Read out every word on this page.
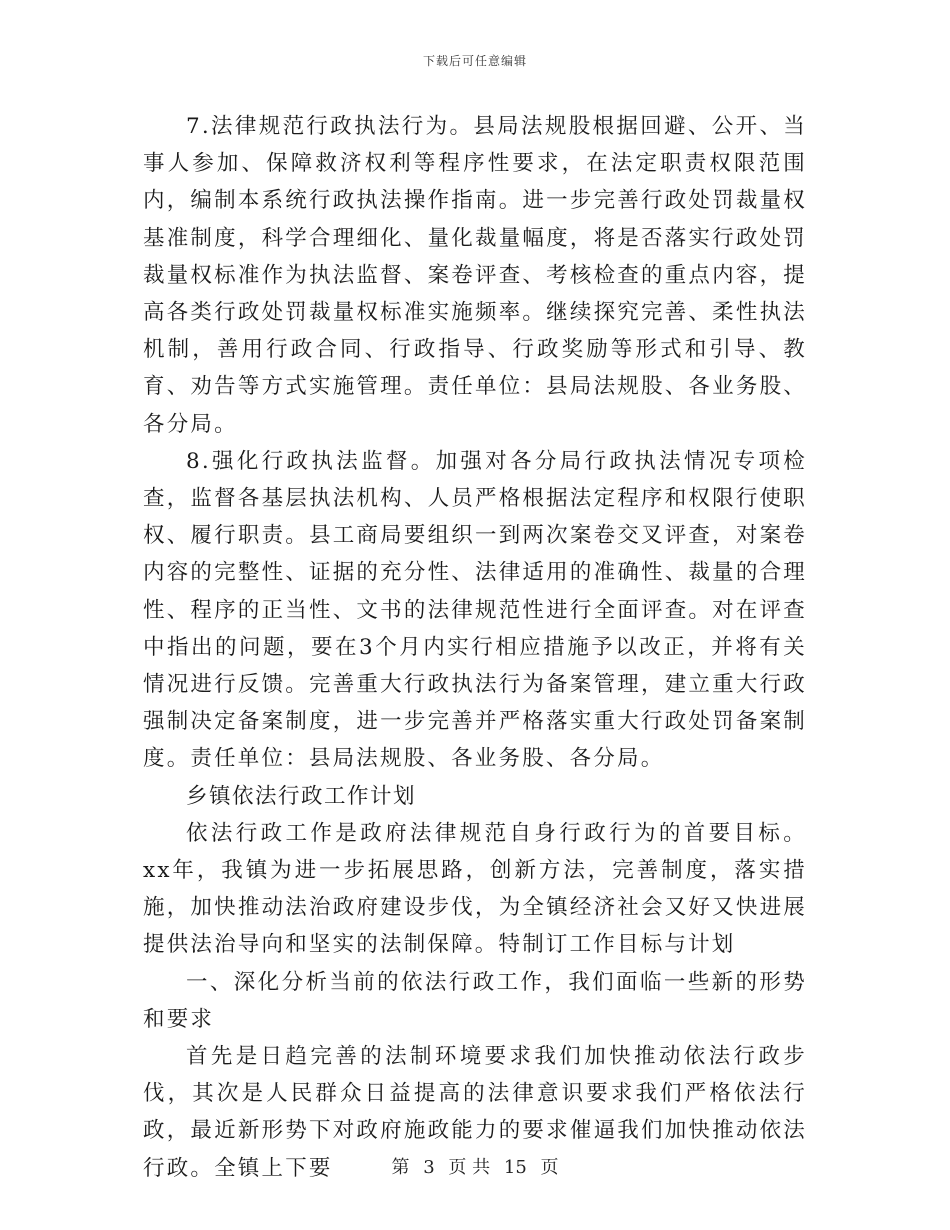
下载后可任意编辑

7.法律规范行政执法行为。县局法规股根据回避、公开、当事人参加、保障救济权利等程序性要求，在法定职责权限范围内，编制本系统行政执法操作指南。进一步完善行政处罚裁量权基准制度，科学合理细化、量化裁量幅度，将是否落实行政处罚裁量权标准作为执法监督、案卷评查、考核检查的重点内容，提高各类行政处罚裁量权标准实施频率。继续探究完善、柔性执法机制，善用行政合同、行政指导、行政奖励等形式和引导、教育、劝告等方式实施管理。责任单位：县局法规股、各业务股、各分局。

8.强化行政执法监督。加强对各分局行政执法情况专项检查，监督各基层执法机构、人员严格根据法定程序和权限行使职权、履行职责。县工商局要组织一到两次案卷交叉评查，对案卷内容的完整性、证据的充分性、法律适用的准确性、裁量的合理性、程序的正当性、文书的法律规范性进行全面评查。对在评查中指出的问题，要在3个月内实行相应措施予以改正，并将有关情况进行反馈。完善重大行政执法行为备案管理，建立重大行政强制决定备案制度，进一步完善并严格落实重大行政处罚备案制度。责任单位：县局法规股、各业务股、各分局。

乡镇依法行政工作计划

依法行政工作是政府法律规范自身行政行为的首要目标。xx年，我镇为进一步拓展思路，创新方法，完善制度，落实措施，加快推动法治政府建设步伐，为全镇经济社会又好又快进展提供法治导向和坚实的法制保障。特制订工作目标与计划

一、深化分析当前的依法行政工作，我们面临一些新的形势和要求

首先是日趋完善的法制环境要求我们加快推动依法行政步伐，其次是人民群众日益提高的法律意识要求我们严格依法行政，最近新形势下对政府施政能力的要求催逼我们加快推动依法行政。全镇上下要	第 3 页 共 15 页
